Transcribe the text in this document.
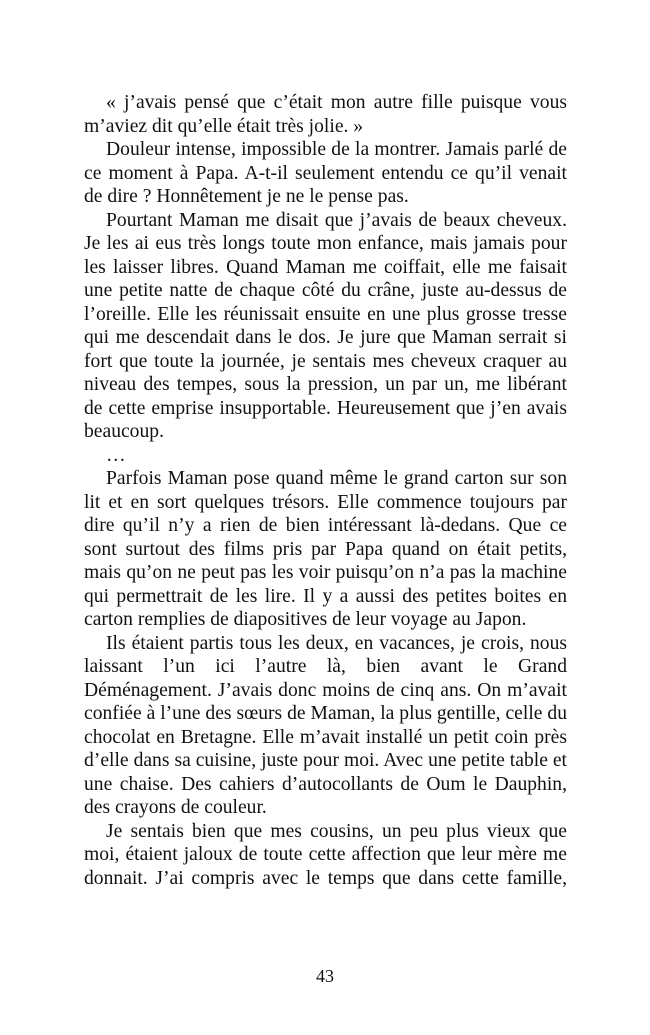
« j’avais pensé que c’était mon autre fille puisque vous m’aviez dit qu’elle était très jolie. »

Douleur intense, impossible de la montrer. Jamais parlé de ce moment à Papa. A-t-il seulement entendu ce qu’il venait de dire ? Honnêtement je ne le pense pas.

Pourtant Maman me disait que j’avais de beaux cheveux. Je les ai eus très longs toute mon enfance, mais jamais pour les laisser libres. Quand Maman me coiffait, elle me faisait une petite natte de chaque côté du crâne, juste au-dessus de l’oreille. Elle les réunissait ensuite en une plus grosse tresse qui me descendait dans le dos. Je jure que Maman serrait si fort que toute la journée, je sentais mes cheveux craquer au niveau des tempes, sous la pression, un par un, me libérant de cette emprise insupportable. Heureusement que j’en avais beaucoup.

…

Parfois Maman pose quand même le grand carton sur son lit et en sort quelques trésors. Elle commence toujours par dire qu’il n’y a rien de bien intéressant là-dedans. Que ce sont surtout des films pris par Papa quand on était petits, mais qu’on ne peut pas les voir puisqu’on n’a pas la machine qui permettrait de les lire. Il y a aussi des petites boites en carton remplies de diapositives de leur voyage au Japon.

Ils étaient partis tous les deux, en vacances, je crois, nous laissant l’un ici l’autre là, bien avant le Grand Déménagement. J’avais donc moins de cinq ans. On m’avait confiée à l’une des sœurs de Maman, la plus gentille, celle du chocolat en Bretagne. Elle m’avait installé un petit coin près d’elle dans sa cuisine, juste pour moi. Avec une petite table et une chaise. Des cahiers d’autocollants de Oum le Dauphin, des crayons de couleur.

Je sentais bien que mes cousins, un peu plus vieux que moi, étaient jaloux de toute cette affection que leur mère me donnait. J’ai compris avec le temps que dans cette famille,

43
